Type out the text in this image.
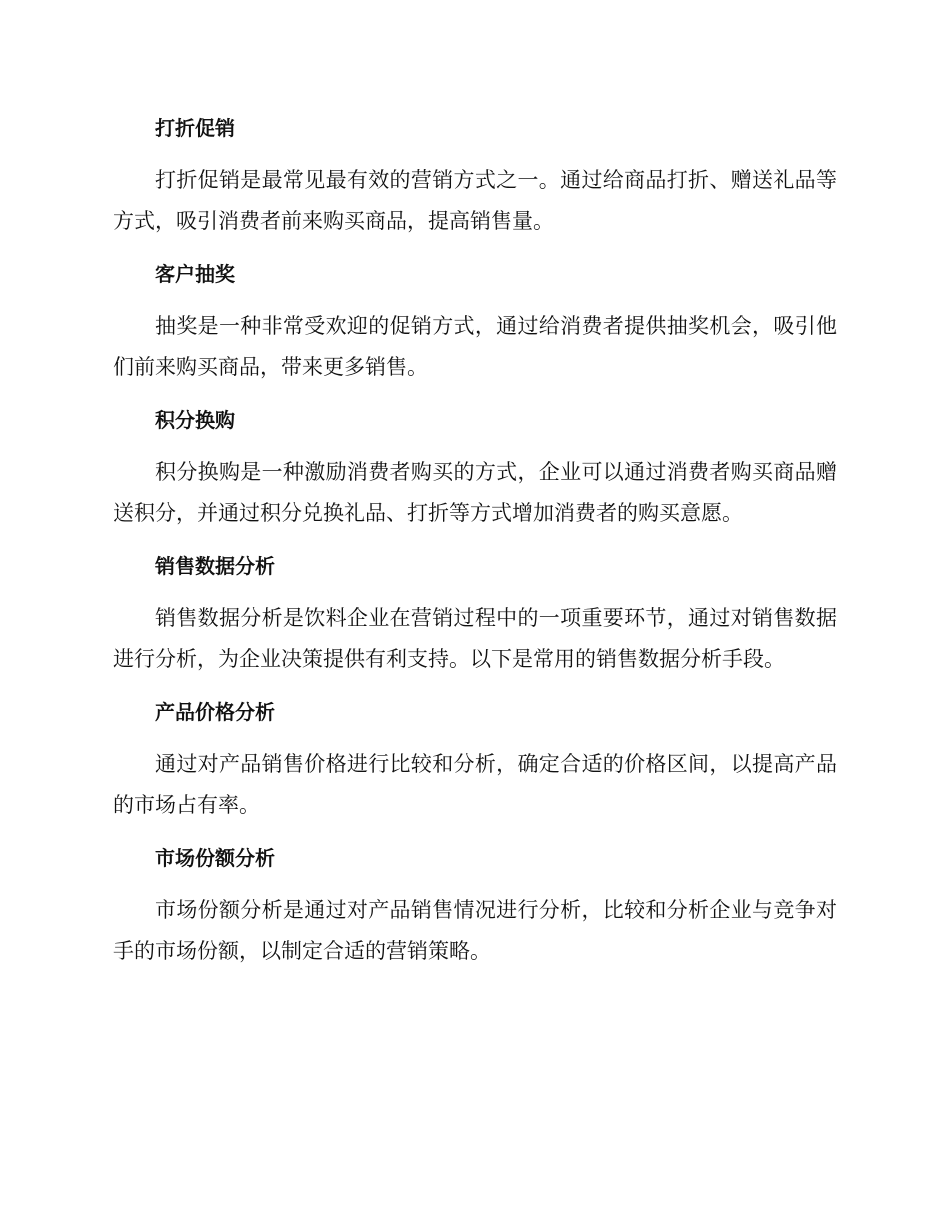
打折促销

打折促销是最常见最有效的营销方式之一。通过给商品打折、赠送礼品等方式，吸引消费者前来购买商品，提高销售量。

客户抽奖

抽奖是一种非常受欢迎的促销方式，通过给消费者提供抽奖机会，吸引他们前来购买商品，带来更多销售。

积分换购

积分换购是一种激励消费者购买的方式，企业可以通过消费者购买商品赠送积分，并通过积分兑换礼品、打折等方式增加消费者的购买意愿。

销售数据分析

销售数据分析是饮料企业在营销过程中的一项重要环节，通过对销售数据进行分析，为企业决策提供有利支持。以下是常用的销售数据分析手段。

产品价格分析

通过对产品销售价格进行比较和分析，确定合适的价格区间，以提高产品的市场占有率。

市场份额分析

市场份额分析是通过对产品销售情况进行分析，比较和分析企业与竞争对手的市场份额，以制定合适的营销策略。
